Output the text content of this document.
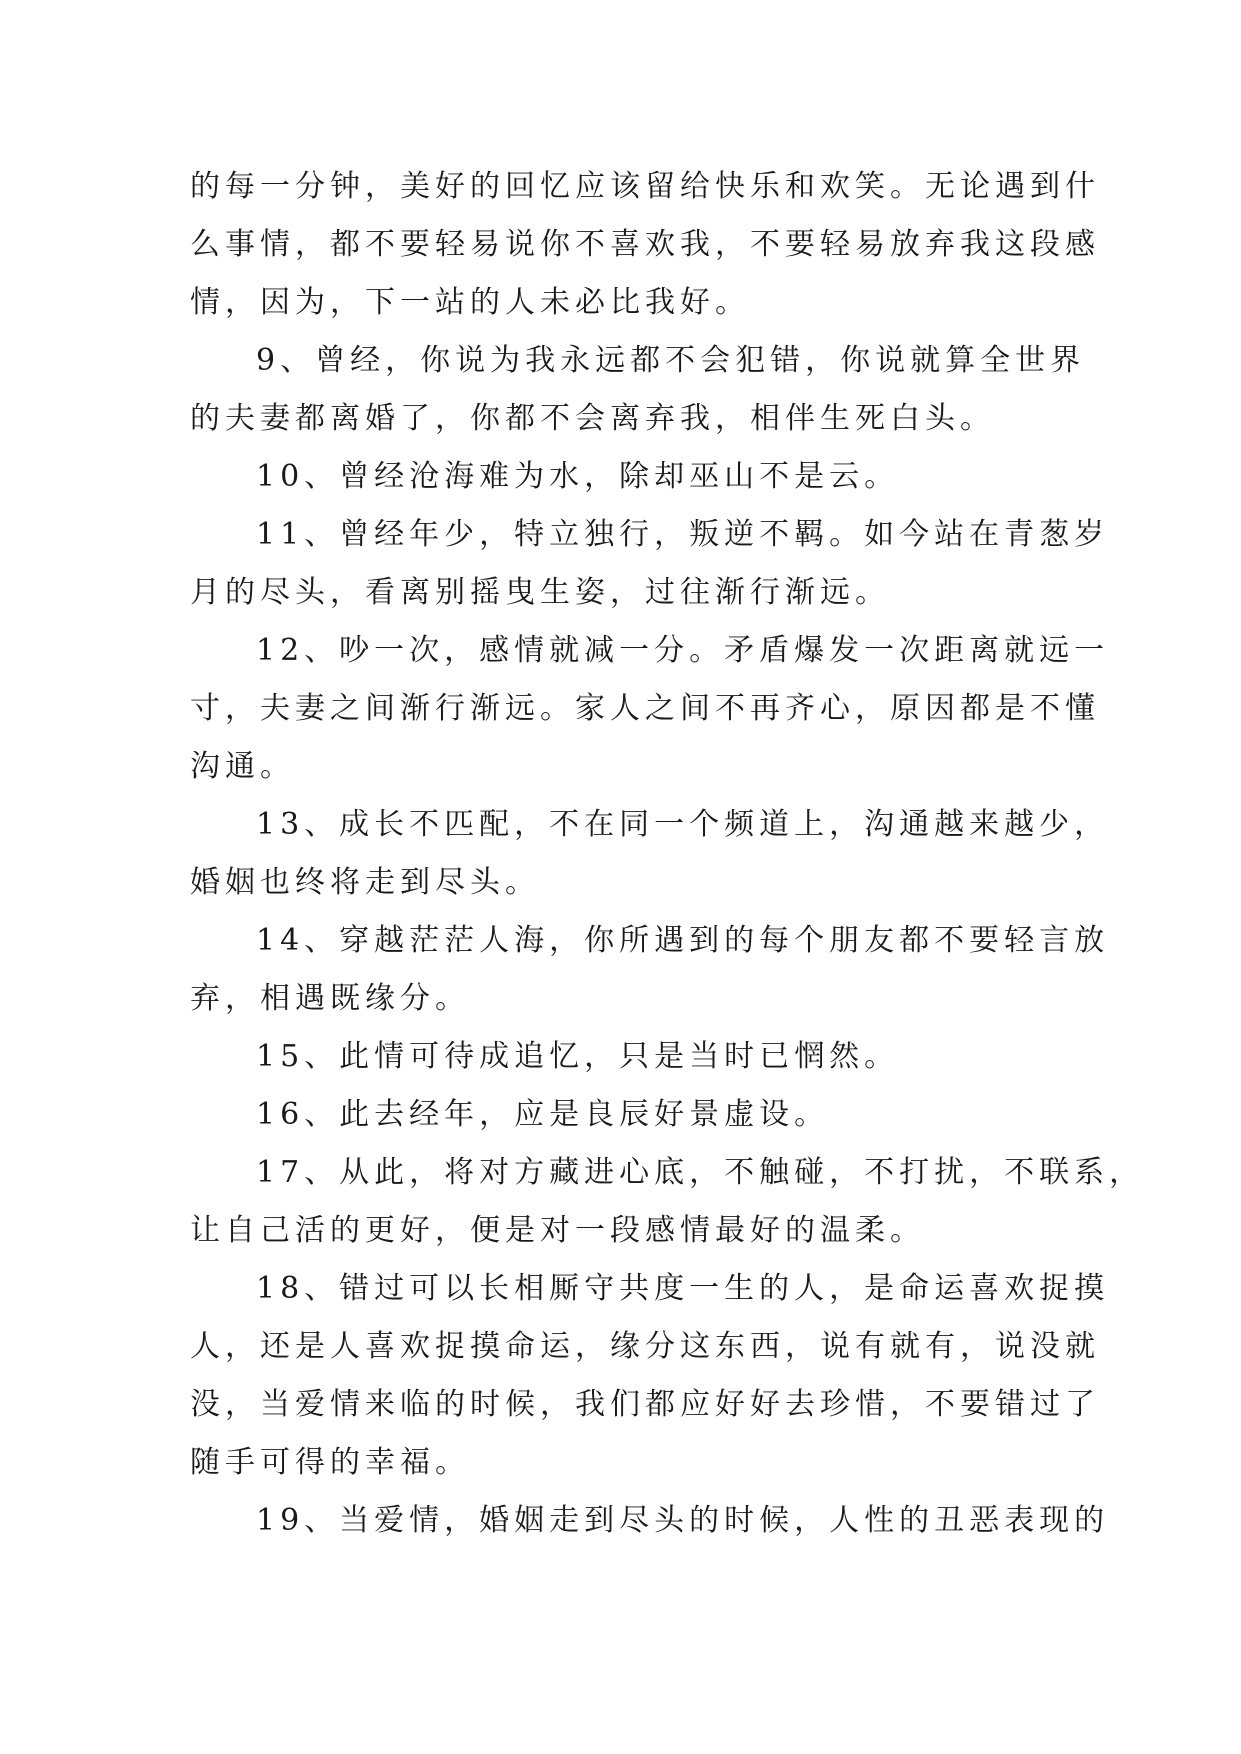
的每一分钟，美好的回忆应该留给快乐和欢笑。无论遇到什
么事情，都不要轻易说你不喜欢我，不要轻易放弃我这段感
情，因为，下一站的人未必比我好。

9、曾经，你说为我永远都不会犯错，你说就算全世界
的夫妻都离婚了，你都不会离弃我，相伴生死白头。

10、曾经沧海难为水，除却巫山不是云。

11、曾经年少，特立独行，叛逆不羁。如今站在青葱岁
月的尽头，看离别摇曳生姿，过往渐行渐远。

12、吵一次，感情就减一分。矛盾爆发一次距离就远一
寸，夫妻之间渐行渐远。家人之间不再齐心，原因都是不懂
沟通。

13、成长不匹配，不在同一个频道上，沟通越来越少，
婚姻也终将走到尽头。

14、穿越茫茫人海，你所遇到的每个朋友都不要轻言放
弃，相遇既缘分。

15、此情可待成追忆，只是当时已惘然。

16、此去经年，应是良辰好景虚设。

17、从此，将对方藏进心底，不触碰，不打扰，不联系，
让自己活的更好，便是对一段感情最好的温柔。

18、错过可以长相厮守共度一生的人，是命运喜欢捉摸
人，还是人喜欢捉摸命运，缘分这东西，说有就有，说没就
没，当爱情来临的时候，我们都应好好去珍惜，不要错过了
随手可得的幸福。

19、当爱情，婚姻走到尽头的时候，人性的丑恶表现的
